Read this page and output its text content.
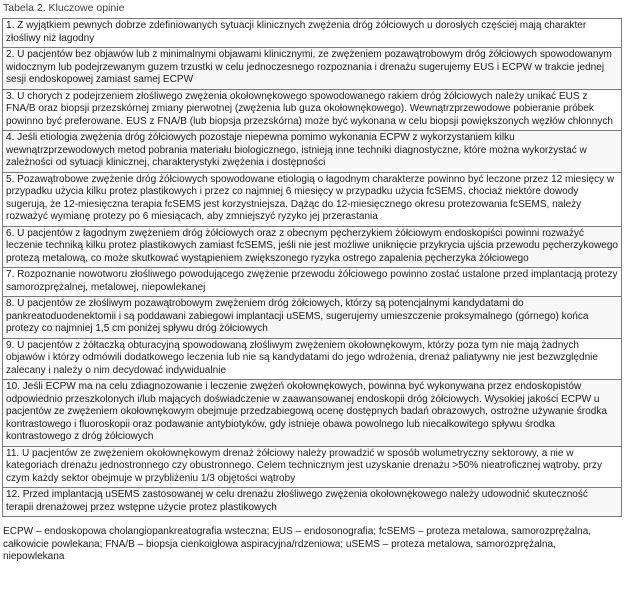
Tabela 2. Kluczowe opinie
1. Z wyjątkiem pewnych dobrze zdefiniowanych sytuacji klinicznych zwężenia dróg żółciowych u dorosłych częściej mają charakter złośliwy niż łagodny
2. U pacjentów bez objawów lub z minimalnymi objawami klinicznymi, ze zwężeniem pozawątrobowym dróg żółciowych spowodowanym widocznym lub podejrzewanym guzem trzustki w celu jednoczesnego rozpoznania i drenażu sugerujemy EUS i ECPW w trakcie jednej sesji endoskopowej zamiast samej ECPW
3. U chorych z podejrzeniem złośliwego zwężenia okołownękowego spowodowanego rakiem dróg żółciowych należy unikać EUS z FNA/B oraz biopsji przezskórnej zmiany pierwotnej (zwężenia lub guza okołownękowego). Wewnątrzprzewodowe pobieranie próbek powinno być preferowane. EUS z FNA/B (lub biopsja przezskórna) może być wykonana w celu biopsji powiększonych węzłów chłonnych
4. Jeśli etiologia zwężenia dróg żółciowych pozostaje niepewna pomimo wykonania ECPW z wykorzystaniem kilku wewnątrzprzewodowych metod pobrania materiału biologicznego, istnieją inne techniki diagnostyczne, które można wykorzystać w zależności od sytuacji klinicznej, charakterystyki zwężenia i dostępności
5. Pozawątrobowe zwężenie dróg żółciowych spowodowane etiologią o łagodnym charakterze powinno być leczone przez 12 miesięcy w przypadku użycia kilku protez plastikowych i przez co najmniej 6 miesięcy w przypadku użycia fcSEMS, chociaż niektóre dowody sugerują, że 12-miesięczna terapia fcSEMS jest korzystniejsza. Dążąc do 12-miesięcznego okresu protezowania fcSEMS, należy rozważyć wymianę protezy po 6 miesiącach, aby zmniejszyć ryzyko jej przerastania
6. U pacjentów z łagodnym zwężeniem dróg żółciowych oraz z obecnym pęcherzykiem żółciowym endoskopiści powinni rozważyć leczenie techniką kilku protez plastikowych zamiast fcSEMS, jeśli nie jest możliwe uniknięcie przykrycia ujścia przewodu pęcherzykowego protezą metalową, co może skutkować wystąpieniem zwiększonego ryzyka ostrego zapalenia pęcherzyka żółciowego
7. Rozpoznanie nowotworu złośliwego powodującego zwężenie przewodu żółciowego powinno zostać ustalone przed implantacją protezy samorozprężalnej, metalowej, niepowlekanej
8. U pacjentów ze złośliwym pozawątrobowym zwężeniem dróg żółciowych, którzy są potencjalnymi kandydatami do pankreatoduodenektomii i są poddawani zabiegowi implantacji uSEMS, sugerujemy umieszczenie proksymalnego (górnego) końca protezy co najmniej 1,5 cm poniżej spływu dróg żółciowych
9. U pacjentów z żółtaczką obturacyjną spowodowaną złośliwym zwężeniem okołownękowym, którzy poza tym nie mają żadnych objawów i którzy odmówili dodatkowego leczenia lub nie są kandydatami do jego wdrożenia, drenaż paliatywny nie jest bezwzględnie zalecany i należy o nim decydować indywidualnie
10. Jeśli ECPW ma na celu zdiagnozowanie i leczenie zwężeń okołownękowych, powinna być wykonywana przez endoskopistów odpowiednio przeszkolonych i/lub mających doświadczenie w zaawansowanej endoskopii dróg żółciowych. Wysokiej jakości ECPW u pacjentów ze zwężeniem okołownękowym obejmuje przedzabiegową ocenę dostępnych badań obrazowych, ostrożne używanie środka kontrastowego i fluoroskopii oraz podawanie antybiotyków, gdy istnieje obawa powolnego lub niecałkowitego spływu środka kontrastowego z dróg żółciowych
11. U pacjentów ze zwężeniem okołownękowym drenaż żółciowy należy prowadzić w sposób wolumetryczny sektorowy, a nie w kategoriach drenażu jednostronnego czy obustronnego. Celem technicznym jest uzyskanie drenażu >50% nieatroficznej wątroby, przy czym każdy sektor obejmuje w przybliżeniu 1/3 objętości wątroby
12. Przed implantacją uSEMS zastosowanej w celu drenażu złośliwego zwężenia okołownękowego należy udowodnić skuteczność terapii drenażowej przez wstępne użycie protez plastikowych
ECPW – endoskopowa cholangiopankreatografia wsteczna; EUS – endosonografia; fcSEMS – proteza metalowa, samorozprężalna, całkowicie powlekana; FNA/B – biopsja cienkoigłowa aspiracyjna/rdzeniowa; uSEMS – proteza metalowa, samorozprężalna, niepowlekana
